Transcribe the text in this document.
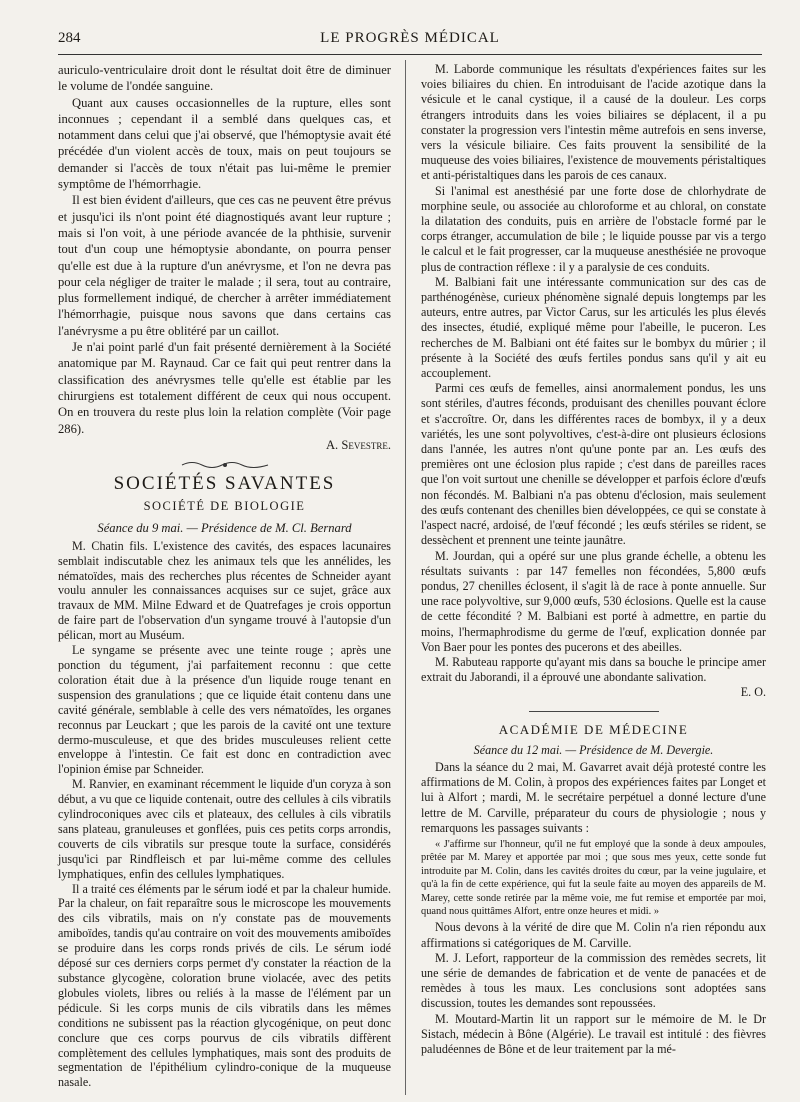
284	LE PROGRÈS MÉDICAL

auriculo-ventriculaire droit dont le résultat doit être de diminuer le volume de l'ondée sanguine.

Quant aux causes occasionnelles de la rupture, elles sont inconnues ; cependant il a semblé dans quelques cas, et notamment dans celui que j'ai observé, que l'hémoptysie avait été précédée d'un violent accès de toux, mais on peut toujours se demander si l'accès de toux n'était pas lui-même le premier symptôme de l'hémorrhagie.

Il est bien évident d'ailleurs, que ces cas ne peuvent être prévus et jusqu'ici ils n'ont point été diagnostiqués avant leur rupture ; mais si l'on voit, à une période avancée de la phthisie, survenir tout d'un coup une hémoptysie abondante, on pourra penser qu'elle est due à la rupture d'un anévrysme, et l'on ne devra pas pour cela négliger de traiter le malade ; il sera, tout au contraire, plus formellement indiqué, de chercher à arrêter immédiatement l'hémorrhagie, puisque nous savons que dans certains cas l'anévrysme a pu être oblitéré par un caillot.

Je n'ai point parlé d'un fait présenté dernièrement à la Société anatomique par M. Raynaud. Car ce fait qui peut rentrer dans la classification des anévrysmes telle qu'elle est établie par les chirurgiens est totalement différent de ceux qui nous occupent. On en trouvera du reste plus loin la relation complète (Voir page 286).

A. Sevestre.

SOCIÉTÉS SAVANTES
SOCIÉTÉ DE BIOLOGIE
Séance du 9 mai. — Présidence de M. Cl. Bernard

M. Chatin fils. L'existence des cavités, des espaces lacunaires semblait indiscutable chez les animaux tels que les annélides, les nématoïdes, mais des recherches plus récentes de Schneider ayant voulu annuler les connaissances acquises sur ce sujet, grâce aux travaux de MM. Milne Edward et de Quatrefages je crois opportun de faire part de l'observation d'un syngame trouvé à l'autopsie d'un pélican, mort au Muséum.

Le syngame se présente avec une teinte rouge ; après une ponction du tégument, j'ai parfaitement reconnu : que cette coloration était due à la présence d'un liquide rouge tenant en suspension des granulations ; que ce liquide était contenu dans une cavité générale, semblable à celle des vers nématoïdes, les organes reconnus par Leuckart ; que les parois de la cavité ont une texture dermo-musculeuse, et que des brides musculeuses relient cette enveloppe à l'intestin. Ce fait est donc en contradiction avec l'opinion émise par Schneider.

M. Ranvier, en examinant récemment le liquide d'un coryza à son début, a vu que ce liquide contenait, outre des cellules à cils vibratils cylindroconiques avec cils et plateaux, des cellules à cils vibratils sans plateau, granuleuses et gonflées, puis ces petits corps arrondis, couverts de cils vibratils sur presque toute la surface, considérés jusqu'ici par Rindfleisch et par lui-même comme des cellules lymphatiques, enfin des cellules lymphatiques.

Il a traité ces éléments par le sérum iodé et par la chaleur humide. Par la chaleur, on fait reparaître sous le microscope les mouvements des cils vibratils, mais on n'y constate pas de mouvements amiboïdes, tandis qu'au contraire on voit des mouvements amiboïdes se produire dans les corps ronds privés de cils. Le sérum iodé déposé sur ces derniers corps permet d'y constater la réaction de la substance glycogène, coloration brune violacée, avec des petits globules violets, libres ou reliés à la masse de l'élément par un pédicule. Si les corps munis de cils vibratils dans les mêmes conditions ne subissent pas la réaction glycogénique, on peut donc conclure que ces corps pourvus de cils vibratils diffèrent complètement des cellules lymphatiques, mais sont des produits de segmentation de l'épithélium cylindro-conique de la muqueuse nasale.

M. Laborde communique les résultats d'expériences faites sur les voies biliaires du chien. En introduisant de l'acide azotique dans la vésicule et le canal cystique, il a causé de la douleur. Les corps étrangers introduits dans les voies biliaires se déplacent, il a pu constater la progression vers l'intestin même autrefois en sens inverse, vers la vésicule biliaire. Ces faits prouvent la sensibilité de la muqueuse des voies biliaires, l'existence de mouvements péristaltiques et anti-péristaltiques dans les parois de ces canaux.

Si l'animal est anesthésié par une forte dose de chlorhydrate de morphine seule, ou associée au chloroforme et au chloral, on constate la dilatation des conduits, puis en arrière de l'obstacle formé par le corps étranger, accumulation de bile ; le liquide pousse par vis a tergo le calcul et le fait progresser, car la muqueuse anesthésiée ne provoque plus de contraction réflexe : il y a paralysie de ces conduits.

M. Balbiani fait une intéressante communication sur des cas de parthénogénèse, curieux phénomène signalé depuis longtemps par les auteurs, entre autres, par Victor Carus, sur les articulés les plus élevés des insectes, étudié, expliqué même pour l'abeille, le puceron. Les recherches de M. Balbiani ont été faites sur le bombyx du mûrier ; il présente à la Société des œufs fertiles pondus sans qu'il y ait eu accouplement.

Parmi ces œufs de femelles, ainsi anormalement pondus, les uns sont stériles, d'autres féconds, produisant des chenilles pouvant éclore et s'accroître. Or, dans les différentes races de bombyx, il y a deux variétés, les une sont polyvoltives, c'est-à-dire ont plusieurs éclosions dans l'année, les autres n'ont qu'une ponte par an. Les œufs des premières ont une éclosion plus rapide ; c'est dans de pareilles races que l'on voit surtout une chenille se développer et parfois éclore d'œufs non fécondés. M. Balbiani n'a pas obtenu d'éclosion, mais seulement des œufs contenant des chenilles bien développées, ce qui se constate à l'aspect nacré, ardoisé, de l'œuf fécondé ; les œufs stériles se rident, se dessèchent et prennent une teinte jaunâtre.

M. Jourdan, qui a opéré sur une plus grande échelle, a obtenu les résultats suivants : par 147 femelles non fécondées, 5,800 œufs pondus, 27 chenilles éclosent, il s'agit là de race à ponte annuelle. Sur une race polyvoltive, sur 9,000 œufs, 530 éclosions. Quelle est la cause de cette fécondité ? M. Balbiani est porté à admettre, en partie du moins, l'hermaphrodisme du germe de l'œuf, explication donnée par Von Baer pour les pontes des pucerons et des abeilles.

M. Rabuteau rapporte qu'ayant mis dans sa bouche le principe amer extrait du Jaborandi, il a éprouvé une abondante salivation.

E. O.

ACADÉMIE DE MÉDECINE
Séance du 12 mai. — Présidence de M. Devergie.

Dans la séance du 2 mai, M. Gavarret avait déjà protesté contre les affirmations de M. Colin, à propos des expériences faites par Longet et lui à Alfort ; mardi, M. le secrétaire perpétuel a donné lecture d'une lettre de M. Carville, préparateur du cours de physiologie ; nous y remarquons les passages suivants :

« J'affirme sur l'honneur, qu'il ne fut employé que la sonde à deux ampoules, prêtée par M. Marey et apportée par moi ; que sous mes yeux, cette sonde fut introduite par M. Colin, dans les cavités droites du cœur, par la veine jugulaire, et qu'à la fin de cette expérience, qui fut la seule faite au moyen des appareils de M. Marey, cette sonde retirée par la même voie, me fut remise et emportée par moi, quand nous quittâmes Alfort, entre onze heures et midi. »

Nous devons à la vérité de dire que M. Colin n'a rien répondu aux affirmations si catégoriques de M. Carville.

M. J. Lefort, rapporteur de la commission des remèdes secrets, lit une série de demandes de fabrication et de vente de panacées et de remèdes à tous les maux. Les conclusions sont adoptées sans discussion, toutes les demandes sont repoussées.

M. Moutard-Martin lit un rapport sur le mémoire de M. le Dr Sistach, médecin à Bône (Algérie). Le travail est intitulé : des fièvres paludéennes de Bône et de leur traitement par la mé-
